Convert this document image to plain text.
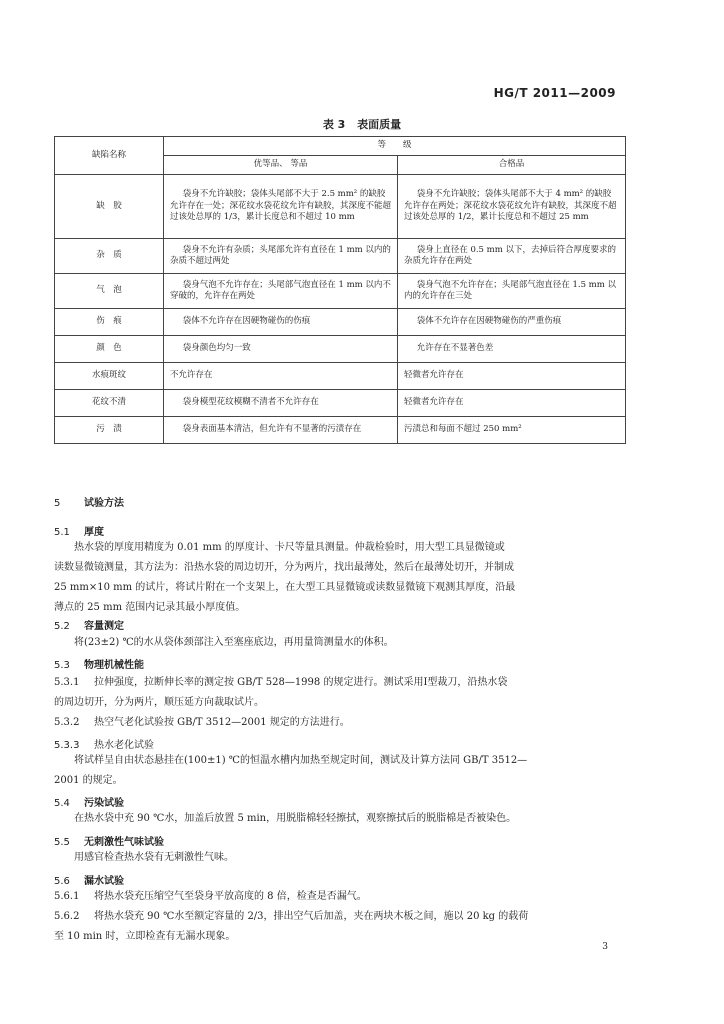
HG/T 2011—2009
表 3 表面质量
缺陷名称	等　　级	
	优等品、 等品	合格品
缺　胶	袋身不允许缺胶；袋体头尾部不大于 2.5 mm² 的缺胶允许存在一处；深花纹水袋花纹允许有缺胶，其深度不能超过该处总厚的 1/3，累计长度总和不超过 10 mm	袋身不允许缺胶；袋体头尾部不大于 4 mm² 的缺胶允许存在两处；深花纹水袋花纹允许有缺胶，其深度不超过该处总厚的 1/2，累计长度总和不超过 25 mm

杂　质	袋身不允许有杂质；头尾部允许有直径在 1 mm 以内的杂质不超过两处	袋身上直径在 0.5 mm 以下，去掉后符合厚度要求的杂质允许存在两处

气　泡	袋身气泡不允许存在；头尾部气泡直径在 1 mm 以内不穿破的，允许存在两处	袋身气泡不允许存在；头尾部气泡直径在 1.5 mm 以内的允许存在三处

伤　痕	袋体不允许存在因硬物碰伤的伤痕	袋体不允许存在因硬物碰伤的严重伤痕

颜　色	袋身颜色均匀一致	允许存在不显著色差

水痕斑纹	不允许存在	轻微者允许存在

花纹不清	袋身模型花纹模糊不清者不允许存在	轻微者允许存在

污　渍	袋身表面基本清洁，但允许有不显著的污渍存在	污渍总和每面不超过 250 mm²
5 试验方法
5.1 厚度
热水袋的厚度用精度为 0.01 mm 的厚度计、卡尺等量具测量。仲裁检验时，用大型工具显微镜或
读数显微镜测量，其方法为：沿热水袋的周边切开，分为两片，找出最薄处，然后在最薄处切开，并制成
25 mm×10 mm 的试片，将试片附在一个支架上，在大型工具显微镜或读数显微镜下观测其厚度，沿最
薄点的 25 mm 范围内记录其最小厚度值。
5.2 容量测定
将(23±2) ℃的水从袋体颈部注入至塞座底边，再用量筒测量水的体积。
5.3 物理机械性能
5.3.1 拉伸强度，拉断伸长率的测定按 GB/T 528—1998 的规定进行。测试采用Ⅰ型裁刀，沿热水袋
的周边切开，分为两片，顺压延方向裁取试片。
5.3.2 热空气老化试验按 GB/T 3512—2001 规定的方法进行。
5.3.3 热水老化试验
将试样呈自由状态悬挂在(100±1) ℃的恒温水槽内加热至规定时间，测试及计算方法同 GB/T 3512—
2001 的规定。
5.4 污染试验
在热水袋中充 90 ℃水，加盖后放置 5 min，用脱脂棉轻轻擦拭，观察擦拭后的脱脂棉是否被染色。
5.5 无刺激性气味试验
用感官检查热水袋有无刺激性气味。
5.6 漏水试验
5.6.1 将热水袋充压缩空气至袋身平放高度的 8 倍，检查是否漏气。
5.6.2 将热水袋充 90 ℃水至额定容量的 2/3，排出空气后加盖，夹在两块木板之间，施以 20 kg 的载荷
至 10 min 时，立即检查有无漏水现象。
3
